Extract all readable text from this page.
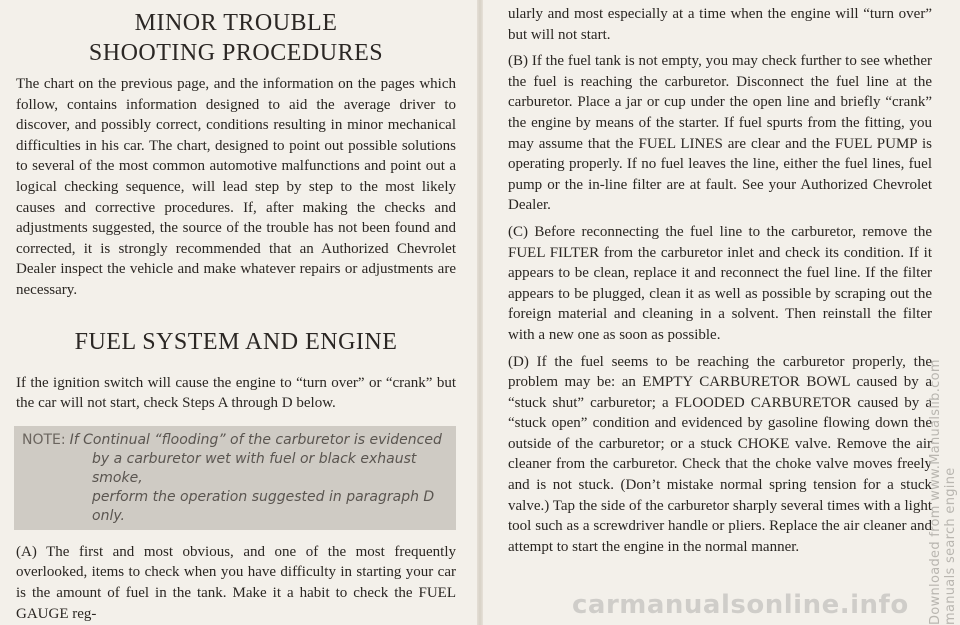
MINOR TROUBLE
SHOOTING PROCEDURES

The chart on the previous page, and the information on the pages which follow, contains information designed to aid the average driver to discover, and possibly correct, conditions resulting in minor mechanical difficulties in his car. The chart, designed to point out possible solutions to several of the most common automotive malfunctions and point out a logical checking sequence, will lead step by step to the most likely causes and corrective procedures. If, after making the checks and adjustments suggested, the source of the trouble has not been found and corrected, it is strongly recommended that an Authorized Chevrolet Dealer inspect the vehicle and make whatever repairs or adjustments are necessary.

FUEL SYSTEM AND ENGINE

If the ignition switch will cause the engine to “turn over” or “crank” but the car will not start, check Steps A through D below.

NOTE: If Continual “flooding” of the carburetor is evidenced
by a carburetor wet with fuel or black exhaust smoke,
perform the operation suggested in paragraph D only.

(A) The first and most obvious, and one of the most frequently overlooked, items to check when you have difficulty in starting your car is the amount of fuel in the tank. Make it a habit to check the FUEL GAUGE reg-

ularly and most especially at a time when the engine will “turn over” but will not start.

(B) If the fuel tank is not empty, you may check further to see whether the fuel is reaching the carburetor. Disconnect the fuel line at the carburetor. Place a jar or cup under the open line and briefly “crank” the engine by means of the starter. If fuel spurts from the fitting, you may assume that the FUEL LINES are clear and the FUEL PUMP is operating properly. If no fuel leaves the line, either the fuel lines, fuel pump or the in-line filter are at fault. See your Authorized Chevrolet Dealer.

(C) Before reconnecting the fuel line to the carburetor, remove the FUEL FILTER from the carburetor inlet and check its condition. If it appears to be clean, replace it and reconnect the fuel line. If the filter appears to be plugged, clean it as well as possible by scraping out the foreign material and cleaning in a solvent. Then reinstall the filter with a new one as soon as possible.

(D) If the fuel seems to be reaching the carburetor properly, the problem may be: an EMPTY CARBURETOR BOWL caused by a “stuck shut” carburetor; a FLOODED CARBURETOR caused by a “stuck open” condition and evidenced by gasoline flowing down the outside of the carburetor; or a stuck CHOKE valve. Remove the air cleaner from the carburetor. Check that the choke valve moves freely and is not stuck. (Don’t mistake normal spring tension for a stuck valve.) Tap the side of the carburetor sharply several times with a light tool such as a screwdriver handle or pliers. Replace the air cleaner and attempt to start the engine in the normal manner.	Downloaded from www.Manualslib.com manuals search engine
carmanualsonline.info
